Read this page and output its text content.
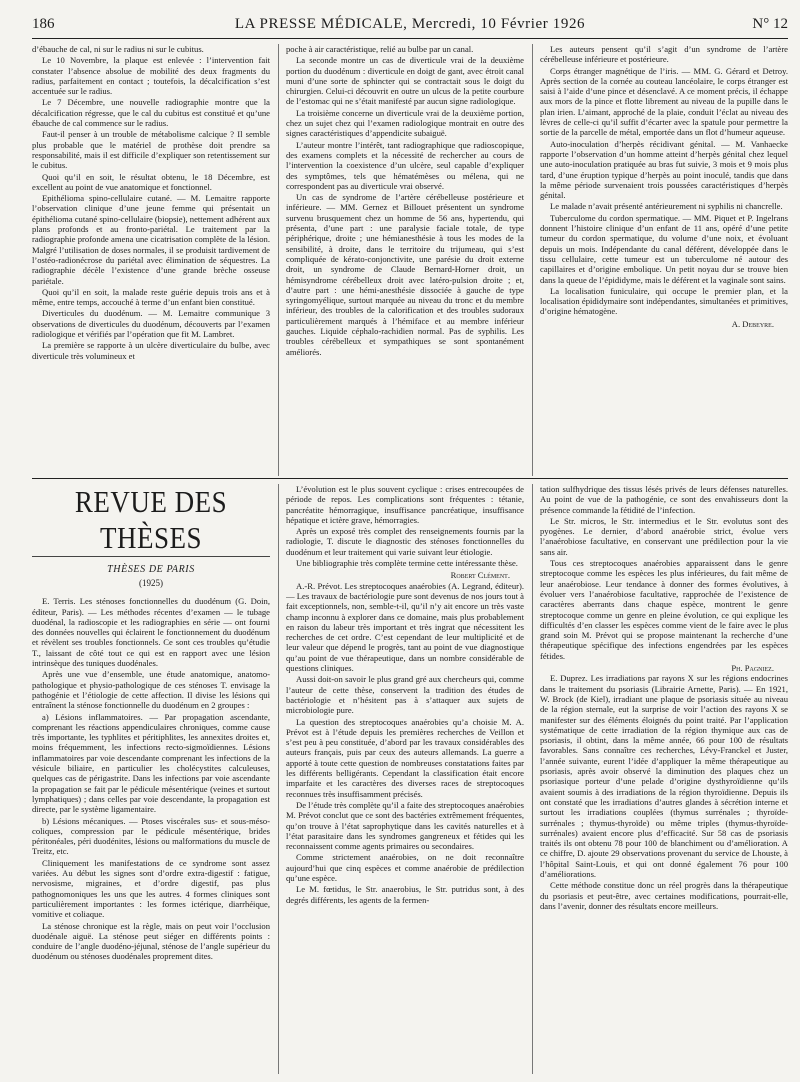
186	LA PRESSE MÉDICALE, Mercredi, 10 Février 1926	N° 12

d’ébauche de cal, ni sur le radius ni sur le cubitus.

Le 10 Novembre, la plaque est enlevée : l’intervention fait constater l’absence absolue de mobilité des deux fragments du radius, parfaitement en contact ; toutefois, la décalcification s’est accentuée sur le radius.

Le 7 Décembre, une nouvelle radiographie montre que la décalcification régresse, que le cal du cubitus est constitué et qu’une ébauche de cal commence sur le radius.

Faut-il penser à un trouble de métabolisme calcique ? Il semble plus probable que le matériel de prothèse doit prendre sa responsabilité, mais il est difficile d’expliquer son retentissement sur le cubitus.

Quoi qu’il en soit, le résultat obtenu, le 18 Décembre, est excellent au point de vue anatomique et fonctionnel.

Epithélioma spino-cellulaire cutané. — M. Lemaitre rapporte l’observation clinique d’une jeune femme qui présentait un épithélioma cutané spino-cellulaire (biopsie), nettement adhérent aux plans profonds et au fronto-pariétal. Le traitement par la radiographie profonde amena une cicatrisation complète de la lésion. Malgré l’utilisation de doses normales, il se produisit tardivement de l’ostéo-radionécrose du pariétal avec élimination de séquestres. La radiographie décèle l’existence d’une grande brèche osseuse pariétale.

Quoi qu’il en soit, la malade reste guérie depuis trois ans et à même, entre temps, accouché à terme d’un enfant bien constitué.

Diverticules du duodénum. — M. Lemaitre communique 3 observations de diverticules du duodénum, découverts par l’examen radiologique et vérifiés par l’opération que fit M. Lambret.

La première se rapporte à un ulcère diverticulaire du bulbe, avec diverticule très volumineux et

poche à air caractéristique, relié au bulbe par un canal.

La seconde montre un cas de diverticule vrai de la deuxième portion du duodénum : diverticule en doigt de gant, avec étroit canal muni d’une sorte de sphincter qui se contractait sous le doigt du chirurgien. Celui-ci découvrit en outre un ulcus de la petite courbure de l’estomac qui ne s’était manifesté par aucun signe radiologique.

La troisième concerne un diverticule vrai de la deuxième portion, chez un sujet chez qui l’examen radiologique montrait en outre des signes caractéristiques d’appendicite subaiguë.

L’auteur montre l’intérêt, tant radiographique que radioscopique, des examens complets et la nécessité de rechercher au cours de l’intervention la coexistence d’un ulcère, seul capable d’expliquer des symptômes, tels que hématémèses ou mélena, qui ne correspondent pas au diverticule vrai observé.

Un cas de syndrome de l’artère cérébelleuse postérieure et inférieure. — MM. Gernez et Billouet présentent un syndrome survenu brusquement chez un homme de 56 ans, hypertendu, qui présenta, d’une part : une paralysie faciale totale, de type périphérique, droite ; une hémianesthésie à tous les modes de la sensibilité, à droite, dans le territoire du trijumeau, qui s’est compliquée de kérato-conjonctivite, une parésie du droit externe droit, un syndrome de Claude Bernard-Horner droit, un hémisyndrome cérébelleux droit avec latéro-pulsion droite ; et, d’autre part : une hémi-anesthésie dissociée à gauche de type syringomyélique, surtout marquée au niveau du tronc et du membre inférieur, des troubles de la calorification et des troubles sudoraux particulièrement marqués à l’hémiface et au membre inférieur gauches. Liquide céphalo-rachidien normal. Pas de syphilis. Les troubles cérébelleux et sympathiques se sont spontanément améliorés.

Les auteurs pensent qu’il s’agit d’un syndrome de l’artère cérébelleuse inférieure et postérieure.

Corps étranger magnétique de l’iris. — MM. G. Gérard et Detroy. Après section de la cornée au couteau lancéolaire, le corps étranger est saisi à l’aide d’une pince et désenclavé. A ce moment précis, il échappe aux mors de la pince et flotte librement au niveau de la pupille dans le plan irien. L’aimant, approché de la plaie, conduit l’éclat au niveau des lèvres de celle-ci qu’il suffit d’écarter avec la spatule pour permettre la sortie de la parcelle de métal, emportée dans un flot d’humeur aqueuse.

Auto-inoculation d’herpès récidivant génital. — M. Vanhaecke rapporte l’observation d’un homme atteint d’herpès génital chez lequel une auto-inoculation pratiquée au bras fut suivie, 3 mois et 9 mois plus tard, d’une éruption typique d’herpès au point inoculé, tandis que dans la même période survenaient trois poussées caractéristiques d’herpès génital.

Le malade n’avait présenté antérieurement ni syphilis ni chancrelle.

Tuberculome du cordon spermatique. — MM. Piquet et P. Ingelrans donnent l’histoire clinique d’un enfant de 11 ans, opéré d’une petite tumeur du cordon spermatique, du volume d’une noix, et évoluant depuis un mois. Indépendante du canal déférent, développée dans le tissu cellulaire, cette tumeur est un tuberculome né autour des capillaires et d’origine embolique. Un petit noyau dur se trouve bien dans la queue de l’épididyme, mais le déférent et la vaginale sont sains.

La localisation funiculaire, qui occupe le premier plan, et la localisation épididymaire sont indépendantes, simultanées et primitives, d’origine hématogène.

A. Debeyre.
REVUE DES THÈSES
THÈSES DE PARIS
(1925)

E. Terris. Les sténoses fonctionnelles du duodénum (G. Doin, éditeur, Paris). — Les méthodes récentes d’examen — le tubage duodénal, la radioscopie et les radiographies en série — ont fourni des données nouvelles qui éclairent le fonctionnement du duodénum et révèlent ses troubles fonctionnels. Ce sont ces troubles qu’étudie T., laissant de côté tout ce qui est en rapport avec une lésion intrinsèque des tuniques duodénales.

Après une vue d’ensemble, une étude anatomique, anatomo-pathologique et physio-pathologique de ces sténoses T. envisage la pathogénie et l’étiologie de cette affection. Il divise les lésions qui entraînent la sténose fonctionnelle du duodénum en 2 groupes :

a) Lésions inflammatoires. — Par propagation ascendante, comprenant les réactions appendiculaires chroniques, comme cause très importante, les typhlites et péritiphlites, les annexites droites et, moins fréquemment, les infections recto-sigmoïdiennes. Lésions inflammatoires par voie descendante comprenant les infections de la vésicule biliaire, en particulier les cholécystites calculeuses, quelques cas de périgastrite. Dans les infections par voie ascendante la propagation se fait par le pédicule mésentérique (veines et surtout lymphatiques) ; dans celles par voie descendante, la propagation est directe, par le système ligamentaire.

b) Lésions mécaniques. — Ptoses viscérales sus- et sous-méso-coliques, compression par le pédicule mésentérique, brides péritonéales, péri duodénites, lésions ou malformations du muscle de Treitz, etc.

Cliniquement les manifestations de ce syndrome sont assez variées. Au début les signes sont d’ordre extra-digestif : fatigue, nervosisme, migraines, et d’ordre digestif, pas plus pathognomoniques les uns que les autres. 4 formes cliniques sont particulièrement importantes : les formes ictérique, diarrhéique, vomitive et coliaque.

La sténose chronique est la règle, mais on peut voir l’occlusion duodénale aiguë. La sténose peut siéger en différents points : conduire de l’angle duodéno-jéjunal, sténose de l’angle supérieur du duodénum ou sténoses duodénales proprement dites.

L’évolution est le plus souvent cyclique : crises entrecoupées de période de repos. Les complications sont fréquentes : tétanie, pancréatite hémorragique, insuffisance pancréatique, insuffisance hépatique et ictère grave, hémorragies.

Après un exposé très complet des renseignements fournis par la radiologie, T. discute le diagnostic des sténoses fonctionnelles du duodénum et leur traitement qui varie suivant leur étiologie.

Une bibliographie très complète termine cette intéressante thèse.

Robert Clément.

A.-R. Prévot. Les streptocoques anaérobies (A. Legrand, éditeur). — Les travaux de bactériologie pure sont devenus de nos jours tout à fait exceptionnels, non, semble-t-il, qu’il n’y ait encore un très vaste champ inconnu à explorer dans ce domaine, mais plus probablement en raison du labeur très important et très ingrat que nécessitent les recherches de cet ordre. C’est cependant de leur multiplicité et de leur valeur que dépend le progrès, tant au point de vue diagnostique qu’au point de vue thérapeutique, dans un nombre considérable de questions cliniques.

Aussi doit-on savoir le plus grand gré aux chercheurs qui, comme l’auteur de cette thèse, conservent la tradition des études de bactériologie et n’hésitent pas à s’attaquer aux sujets de microbiologie pure.

La question des streptocoques anaérobies qu’a choisie M. A. Prévot est à l’étude depuis les premières recherches de Veillon et s’est peu à peu constituée, d’abord par les travaux considérables des auteurs français, puis par ceux des auteurs allemands. La guerre a apporté à toute cette question de nombreuses constatations faites par les différents belligérants. Cependant la classification était encore imparfaite et les caractères des diverses races de streptocoques reconnues très insuffisamment précisés.

De l’étude très complète qu’il a faite des streptocoques anaérobies M. Prévot conclut que ce sont des bactéries extrêmement fréquentes, qu’on trouve à l’état saprophytique dans les cavités naturelles et à l’état parasitaire dans les syndromes gangreneux et fétides qui les reconnaissent comme agents primaires ou secondaires.

Comme strictement anaérobies, on ne doit reconnaître aujourd’hui que cinq espèces et comme anaérobie de prédilection qu’une espèce.

Le M. fœtidus, le Str. anaerobius, le Str. putridus sont, à des degrés différents, les agents de la fermen-

tation sulfhydrique des tissus lésés privés de leurs défenses naturelles. Au point de vue de la pathogénie, ce sont des envahisseurs dont la présence commande la fétidité de l’infection.

Le Str. micros, le Str. intermedius et le Str. evolutus sont des pyogènes. Le dernier, d’abord anaérobie strict, évolue vers l’anaérobiose facultative, en conservant une prédilection pour la vie sans air.

Tous ces streptocoques anaérobies apparaissent dans le genre streptocoque comme les espèces les plus inférieures, du fait même de leur anaérobiose. Leur tendance à donner des formes évolutives, à évoluer vers l’anaérobiose facultative, rapprochée de l’existence de caractères aberrants dans chaque espèce, montrent le genre streptocoque comme un genre en pleine évolution, ce qui explique les difficultés d’en classer les espèces comme vient de le faire avec le plus grand soin M. Prévot qui se propose maintenant la recherche d’une thérapeutique spécifique des infections engendrées par les espèces fétides.

Ph. Pagniez.

E. Duprez. Les irradiations par rayons X sur les régions endocrines dans le traitement du psoriasis (Librairie Arnette, Paris). — En 1921, W. Brock (de Kiel), irradiant une plaque de psoriasis située au niveau de la région sternale, eut la surprise de voir l’action des rayons X se manifester sur des éléments éloignés du point traité. Par l’application systématique de cette irradiation de la région thymique aux cas de psoriasis, il obtint, dans la même année, 66 pour 100 de résultats favorables. Sans connaître ces recherches, Lévy-Franckel et Juster, l’année suivante, eurent l’idée d’appliquer la même thérapeutique au psoriasis, après avoir observé la diminution des plaques chez un psoriasique porteur d’une pelade d’origine dysthyroïdienne qu’ils avaient soumis à des irradiations de la région thyroïdienne. Depuis ils ont constaté que les irradiations d’autres glandes à sécrétion interne et surtout les irradiations couplées (thymus surrénales ; thyroïde-surrénales ; thymus-thyroïde) ou même triples (thymus-thyroïde-surrénales) avaient encore plus d’efficacité. Sur 58 cas de psoriasis traités ils ont obtenu 78 pour 100 de blanchiment ou d’amélioration. A ce chiffre, D. ajoute 29 observations provenant du service de Lhouste, à l’hôpital Saint-Louis, et qui ont donné également 76 pour 100 d’améliorations.

Cette méthode constitue donc un réel progrès dans la thérapeutique du psoriasis et peut-être, avec certaines modifications, pourrait-elle, dans l’avenir, donner des résultats encore meilleurs.
